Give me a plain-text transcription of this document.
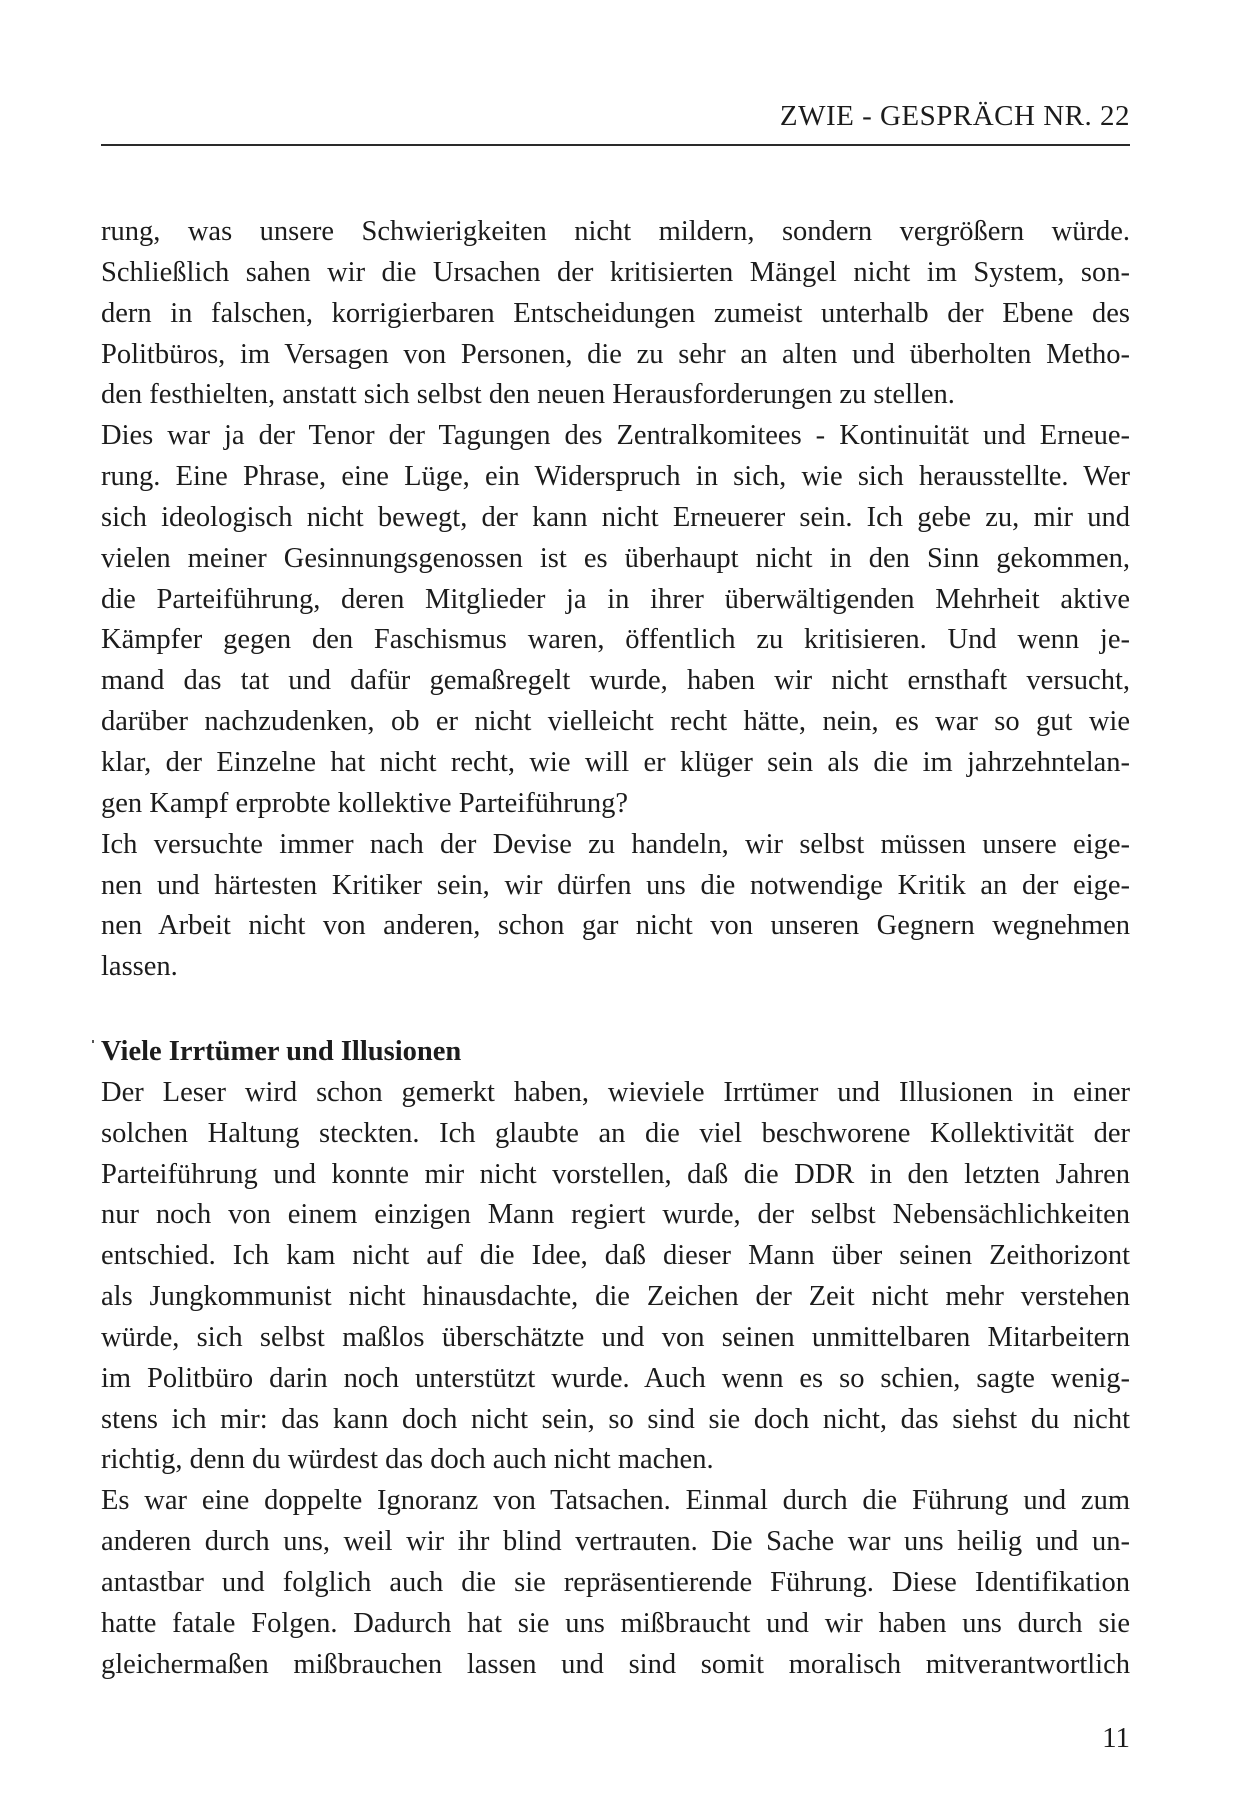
ZWIE - GESPRÄCH NR. 22
rung, was unsere Schwierigkeiten nicht mildern, sondern vergrößern würde.
Schließlich sahen wir die Ursachen der kritisierten Mängel nicht im System, son-
dern in falschen, korrigierbaren Entscheidungen zumeist unterhalb der Ebene des
Politbüros, im Versagen von Personen, die zu sehr an alten und überholten Metho-
den festhielten, anstatt sich selbst den neuen Herausforderungen zu stellen.
Dies war ja der Tenor der Tagungen des Zentralkomitees - Kontinuität und Erneue-
rung. Eine Phrase, eine Lüge, ein Widerspruch in sich, wie sich herausstellte. Wer
sich ideologisch nicht bewegt, der kann nicht Erneuerer sein. Ich gebe zu, mir und
vielen meiner Gesinnungsgenossen ist es überhaupt nicht in den Sinn gekommen,
die Parteiführung, deren Mitglieder ja in ihrer überwältigenden Mehrheit aktive
Kämpfer gegen den Faschismus waren, öffentlich zu kritisieren. Und wenn je-
mand das tat und dafür gemaßregelt wurde, haben wir nicht ernsthaft versucht,
darüber nachzudenken, ob er nicht vielleicht recht hätte, nein, es war so gut wie
klar, der Einzelne hat nicht recht, wie will er klüger sein als die im jahrzehntelan-
gen Kampf erprobte kollektive Parteiführung?
Ich versuchte immer nach der Devise zu handeln, wir selbst müssen unsere eige-
nen und härtesten Kritiker sein, wir dürfen uns die notwendige Kritik an der eige-
nen Arbeit nicht von anderen, schon gar nicht von unseren Gegnern wegnehmen
lassen.
Viele Irrtümer und Illusionen
Der Leser wird schon gemerkt haben, wieviele Irrtümer und Illusionen in einer
solchen Haltung steckten. Ich glaubte an die viel beschworene Kollektivität der
Parteiführung und konnte mir nicht vorstellen, daß die DDR in den letzten Jahren
nur noch von einem einzigen Mann regiert wurde, der selbst Nebensächlichkeiten
entschied. Ich kam nicht auf die Idee, daß dieser Mann über seinen Zeithorizont
als Jungkommunist nicht hinausdachte, die Zeichen der Zeit nicht mehr verstehen
würde, sich selbst maßlos überschätzte und von seinen unmittelbaren Mitarbeitern
im Politbüro darin noch unterstützt wurde. Auch wenn es so schien, sagte wenig-
stens ich mir: das kann doch nicht sein, so sind sie doch nicht, das siehst du nicht
richtig, denn du würdest das doch auch nicht machen.
Es war eine doppelte Ignoranz von Tatsachen. Einmal durch die Führung und zum
anderen durch uns, weil wir ihr blind vertrauten. Die Sache war uns heilig und un-
antastbar und folglich auch die sie repräsentierende Führung. Diese Identifikation
hatte fatale Folgen. Dadurch hat sie uns mißbraucht und wir haben uns durch sie
gleichermaßen mißbrauchen lassen und sind somit moralisch mitverantwortlich
11
